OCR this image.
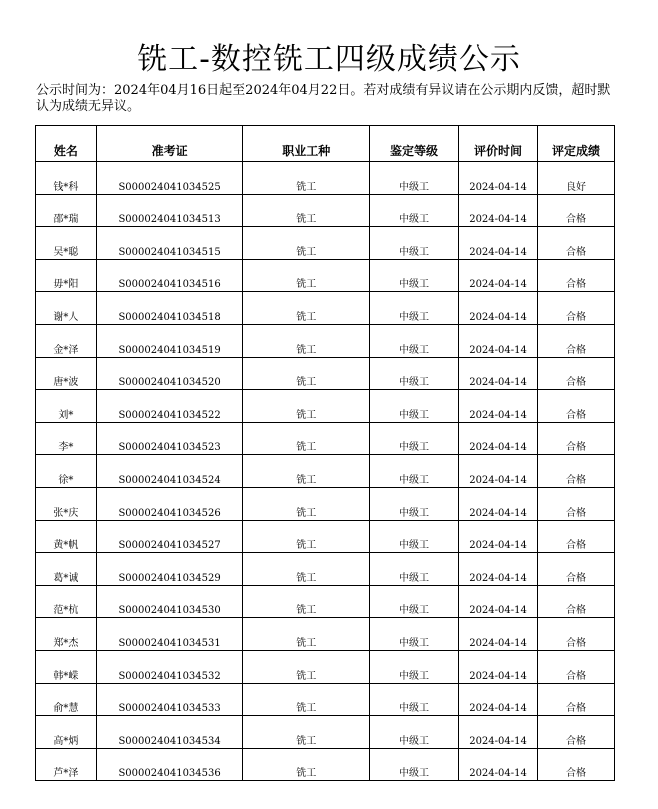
铣工-数控铣工四级成绩公示
公示时间为：2024年04月16日起至2024年04月22日。若对成绩有异议请在公示期内反馈，超时默认为成绩无异议。
姓名	准考证	职业工种	鉴定等级	评价时间	评定成绩
钱*科	S000024041034525	铣工	中级工	2024-04-14	良好
邵*瑞	S000024041034513	铣工	中级工	2024-04-14	合格
吴*聪	S000024041034515	铣工	中级工	2024-04-14	合格
毋*阳	S000024041034516	铣工	中级工	2024-04-14	合格
谢*人	S000024041034518	铣工	中级工	2024-04-14	合格
金*泽	S000024041034519	铣工	中级工	2024-04-14	合格
唐*波	S000024041034520	铣工	中级工	2024-04-14	合格
刘*	S000024041034522	铣工	中级工	2024-04-14	合格
李*	S000024041034523	铣工	中级工	2024-04-14	合格
徐*	S000024041034524	铣工	中级工	2024-04-14	合格
张*庆	S000024041034526	铣工	中级工	2024-04-14	合格
黄*帆	S000024041034527	铣工	中级工	2024-04-14	合格
葛*诚	S000024041034529	铣工	中级工	2024-04-14	合格
范*杭	S000024041034530	铣工	中级工	2024-04-14	合格
郑*杰	S000024041034531	铣工	中级工	2024-04-14	合格
韩*嵘	S000024041034532	铣工	中级工	2024-04-14	合格
俞*慧	S000024041034533	铣工	中级工	2024-04-14	合格
高*炳	S000024041034534	铣工	中级工	2024-04-14	合格
芦*泽	S000024041034536	铣工	中级工	2024-04-14	合格
